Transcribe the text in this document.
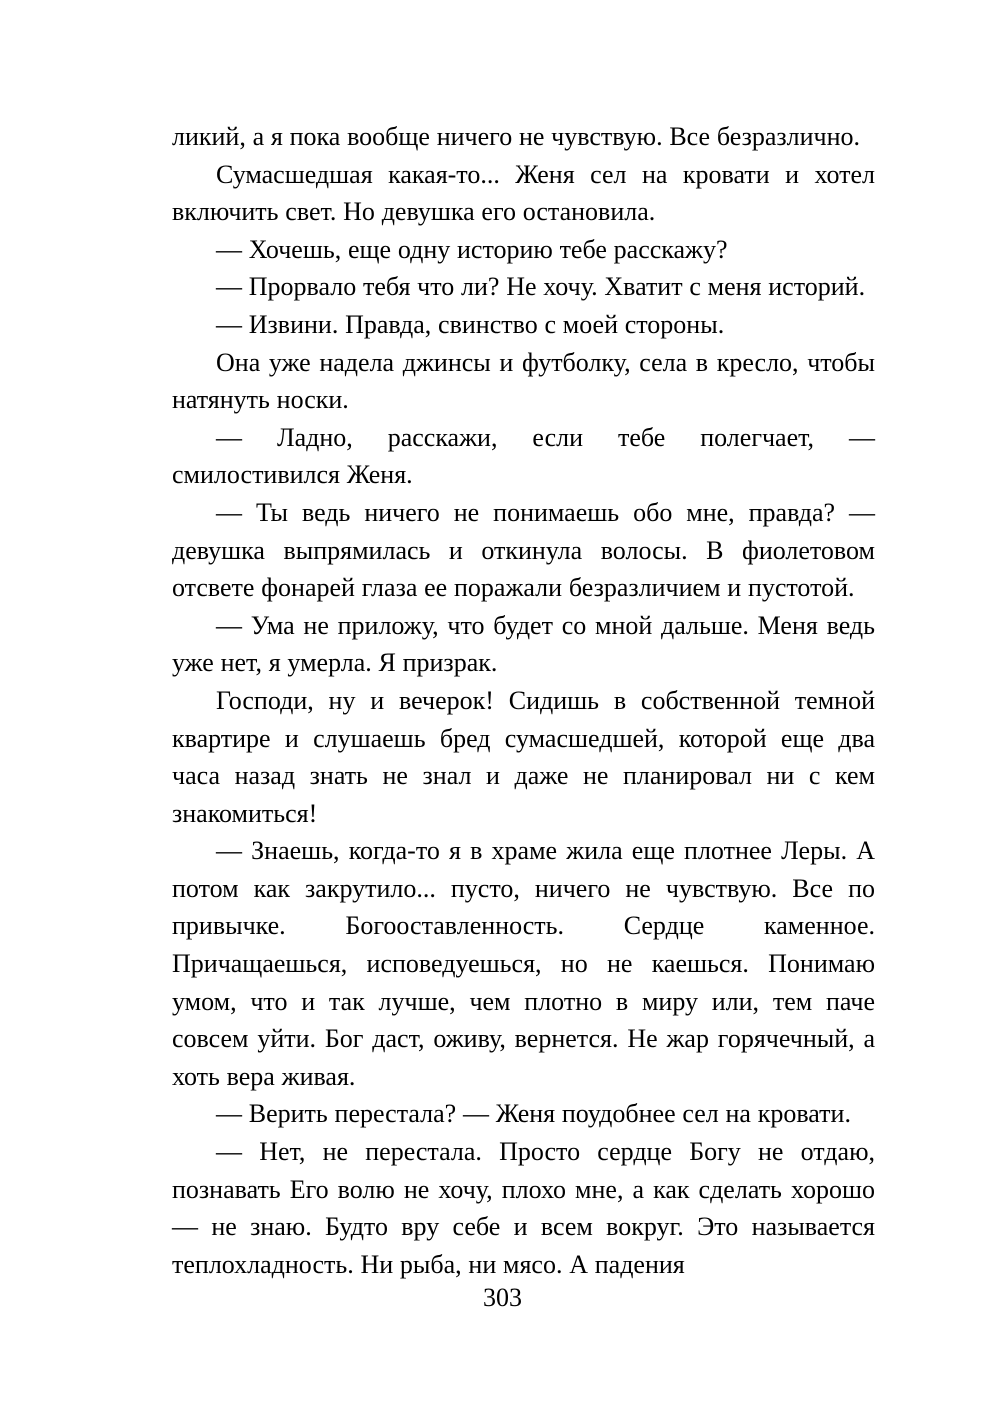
ликий, а я пока вообще ничего не чувствую. Все безразлично.

Сумасшедшая какая-то... Женя сел на кровати и хотел включить свет. Но девушка его остановила.

— Хочешь, еще одну историю тебе расскажу?

— Прорвало тебя что ли? Не хочу. Хватит с меня историй.

— Извини. Правда, свинство с моей стороны.

Она уже надела джинсы и футболку, села в кресло, чтобы натянуть носки.

— Ладно, расскажи, если тебе полегчает, — смилостивился Женя.

— Ты ведь ничего не понимаешь обо мне, правда? — девушка выпрямилась и откинула волосы. В фиолетовом отсвете фонарей глаза ее поражали безразличием и пустотой.

— Ума не приложу, что будет со мной дальше. Меня ведь уже нет, я умерла. Я призрак.

Господи, ну и вечерок! Сидишь в собственной темной квартире и слушаешь бред сумасшедшей, которой еще два часа назад знать не знал и даже не планировал ни с кем знакомиться!

— Знаешь, когда-то я в храме жила еще плотнее Леры. А потом как закрутило... пусто, ничего не чувствую. Все по привычке. Богооставленность. Сердце каменное. Причащаешься, исповедуешься, но не каешься. Понимаю умом, что и так лучше, чем плотно в миру или, тем паче совсем уйти. Бог даст, оживу, вернется. Не жар горячечный, а хоть вера живая.

— Верить перестала? — Женя поудобнее сел на кровати.

— Нет, не перестала. Просто сердце Богу не отдаю, познавать Его волю не хочу, плохо мне, а как сделать хорошо — не знаю. Будто вру себе и всем вокруг. Это называется теплохладность. Ни рыба, ни мясо. А падения

303
